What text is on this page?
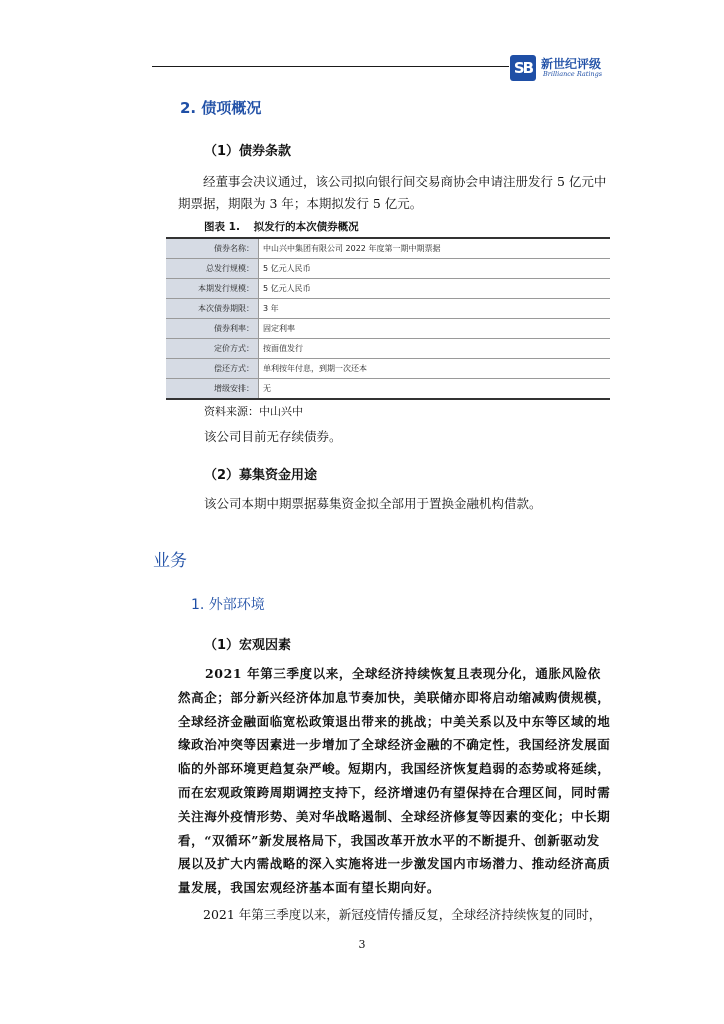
SB 新世纪评级
Brilliance Ratings
2. 债项概况
（1）债券条款
经董事会决议通过，该公司拟向银行间交易商协会申请注册发行 5 亿元中期票据，期限为 3 年；本期拟发行 5 亿元。
图表 1. 拟发行的本次债券概况
债券名称：	中山兴中集团有限公司 2022 年度第一期中期票据
总发行规模：	5 亿元人民币
本期发行规模：	5 亿元人民币
本次债券期限：	3 年
债券利率：	固定利率
定价方式：	按面值发行
偿还方式：	单利按年付息，到期一次还本
增级安排：	无
资料来源：中山兴中
该公司目前无存续债券。
（2）募集资金用途
该公司本期中期票据募集资金拟全部用于置换金融机构借款。
业务
1. 外部环境
（1）宏观因素
2021 年第三季度以来，全球经济持续恢复且表现分化，通胀风险依然高企；部分新兴经济体加息节奏加快，美联储亦即将启动缩减购债规模，全球经济金融面临宽松政策退出带来的挑战；中美关系以及中东等区域的地缘政治冲突等因素进一步增加了全球经济金融的不确定性，我国经济发展面临的外部环境更趋复杂严峻。短期内，我国经济恢复趋弱的态势或将延续，而在宏观政策跨周期调控支持下，经济增速仍有望保持在合理区间，同时需关注海外疫情形势、美对华战略遏制、全球经济修复等因素的变化；中长期看，“双循环”新发展格局下，我国改革开放水平的不断提升、创新驱动发展以及扩大内需战略的深入实施将进一步激发国内市场潜力、推动经济高质量发展，我国宏观经济基本面有望长期向好。
2021 年第三季度以来，新冠疫情传播反复，全球经济持续恢复的同时，
3
